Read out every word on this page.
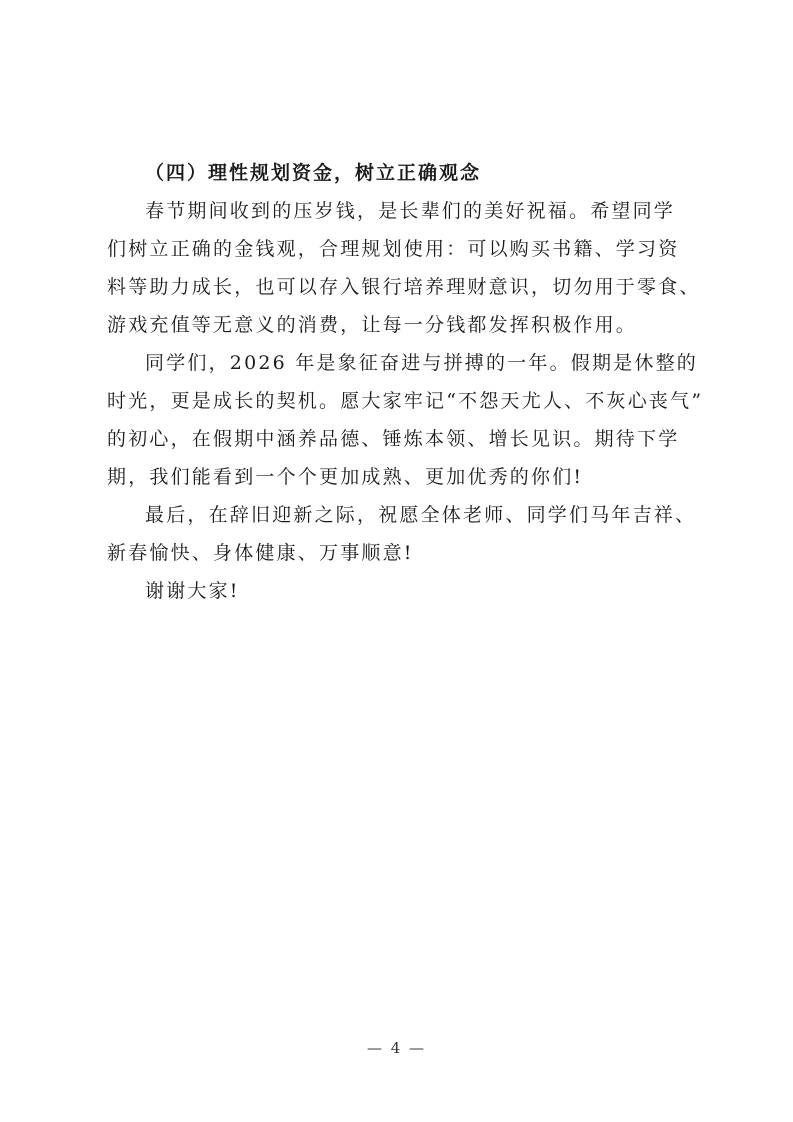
（四）理性规划资金，树立正确观念

春节期间收到的压岁钱，是长辈们的美好祝福。希望同学
们树立正确的金钱观，合理规划使用：可以购买书籍、学习资
料等助力成长，也可以存入银行培养理财意识，切勿用于零食、
游戏充值等无意义的消费，让每一分钱都发挥积极作用。

同学们，2026 年是象征奋进与拼搏的一年。假期是休整的
时光，更是成长的契机。愿大家牢记“不怨天尤人、不灰心丧气”
的初心，在假期中涵养品德、锤炼本领、增长见识。期待下学
期，我们能看到一个个更加成熟、更加优秀的你们!

最后，在辞旧迎新之际，祝愿全体老师、同学们马年吉祥、
新春愉快、身体健康、万事顺意!

谢谢大家!

— 4 —
